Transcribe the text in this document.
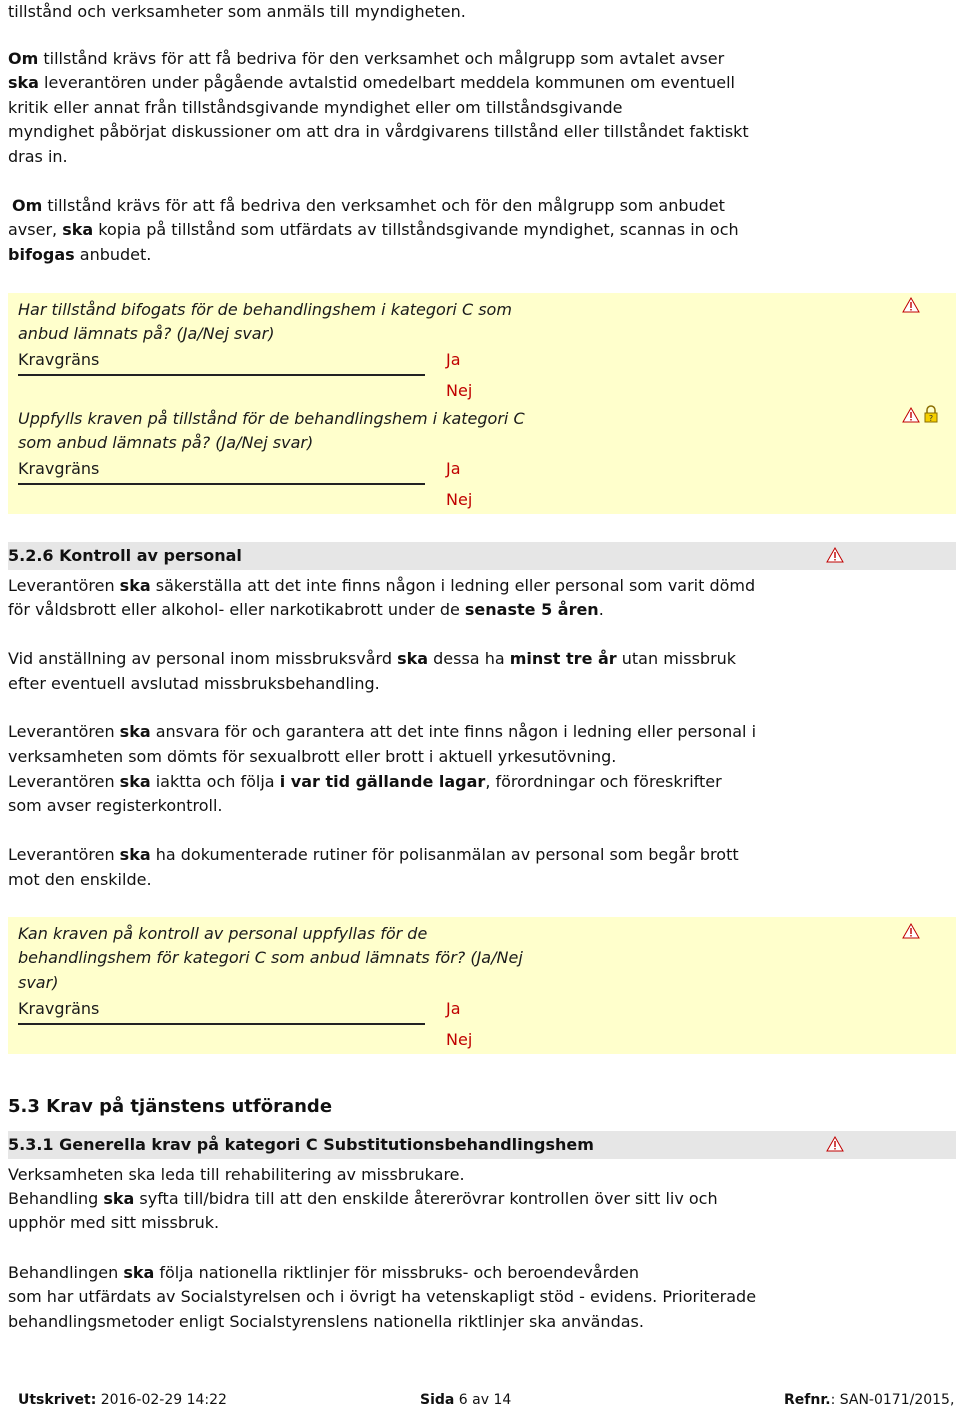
tillstånd och verksamheter som anmäls till myndigheten.

Om tillstånd krävs för att få bedriva för den verksamhet och målgrupp som avtalet avser

ska leverantören under pågående avtalstid omedelbart meddela kommunen om eventuell

kritik eller annat från tillståndsgivande myndighet eller om tillståndsgivande

myndighet påbörjat diskussioner om att dra in vårdgivarens tillstånd eller tillståndet faktiskt

dras in.

Om tillstånd krävs för att få bedriva den verksamhet och för den målgrupp som anbudet

avser, ska kopia på tillstånd som utfärdats av tillståndsgivande myndighet, scannas in och

bifogas anbudet.

Har tillstånd bifogats för de behandlingshem i kategori C som

anbud lämnats på? (Ja/Nej svar)

Kravgräns	Ja
Nej

Uppfylls kraven på tillstånd för de behandlingshem i kategori C

som anbud lämnats på? (Ja/Nej svar)

Kravgräns	Ja
Nej
?
5.2.6 Kontroll av personal

Leverantören ska säkerställa att det inte finns någon i ledning eller personal som varit dömd

för våldsbrott eller alkohol- eller narkotikabrott under de senaste 5 åren.

Vid anställning av personal inom missbruksvård ska dessa ha minst tre år utan missbruk

efter eventuell avslutad missbruksbehandling.

Leverantören ska ansvara för och garantera att det inte finns någon i ledning eller personal i

verksamheten som dömts för sexualbrott eller brott i aktuell yrkesutövning.

Leverantören ska iaktta och följa i var tid gällande lagar, förordningar och föreskrifter

som avser registerkontroll.

Leverantören ska ha dokumenterade rutiner för polisanmälan av personal som begår brott

mot den enskilde.

Kan kraven på kontroll av personal uppfyllas för de

behandlingshem för kategori C som anbud lämnats för? (Ja/Nej

svar)

Kravgräns	Ja
Nej
5.3 Krav på tjänstens utförande
5.3.1 Generella krav på kategori C Substitutionsbehandlingshem

Verksamheten ska leda till rehabilitering av missbrukare.

Behandling ska syfta till/bidra till att den enskilde återerövrar kontrollen över sitt liv och

upphör med sitt missbruk.

Behandlingen ska följa nationella riktlinjer för missbruks- och beroendevården

som har utfärdats av Socialstyrelsen och i övrigt ha vetenskapligt stöd - evidens. Prioriterade

behandlingsmetoder enligt Socialstyrenslens nationella riktlinjer ska användas.

Utskrivet: 2016-02-29 14:22	Sida 6 av 14	Refnr.: SAN-0171/2015,
